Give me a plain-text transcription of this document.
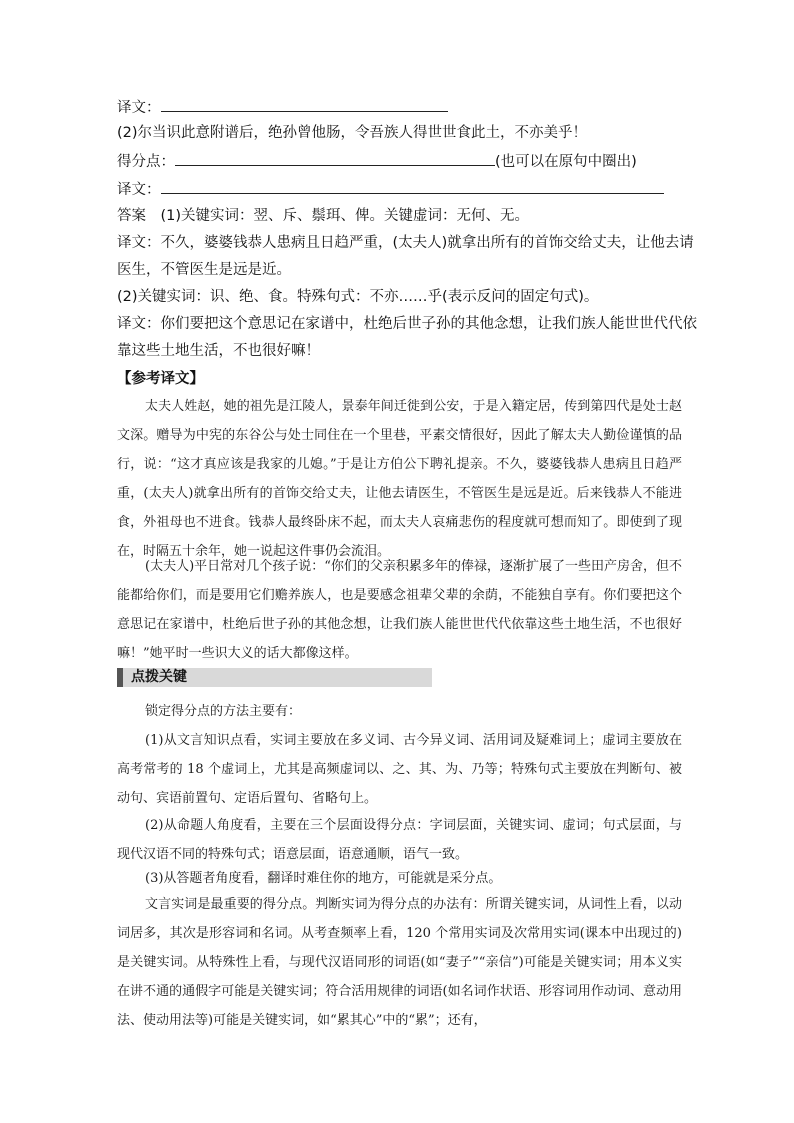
译文：
(2)尔当识此意附谱后，绝孙曾他肠，令吾族人得世世食此土，不亦美乎！
得分点：	(也可以在原句中圈出)
译文：
答案　(1)关键实词：翌、斥、鬃珥、俾。关键虚词：无何、无。
译文：不久，婆婆钱恭人患病且日趋严重，(太夫人)就拿出所有的首饰交给丈夫，让他去请
医生，不管医生是远是近。
(2)关键实词：识、绝、食。特殊句式：不亦……乎(表示反问的固定句式)。
译文：你们要把这个意思记在家谱中，杜绝后世子孙的其他念想，让我们族人能世世代代依
靠这些土地生活，不也很好嘛！
【参考译文】
太夫人姓赵，她的祖先是江陵人，景泰年间迁徙到公安，于是入籍定居，传到第四代是处士赵文深。赠导为中宪的东谷公与处士同住在一个里巷，平素交情很好，因此了解太夫人勤俭谨慎的品行，说：“这才真应该是我家的儿媳。”于是让方伯公下聘礼提亲。不久，婆婆钱恭人患病且日趋严重，(太夫人)就拿出所有的首饰交给丈夫，让他去请医生，不管医生是远是近。后来钱恭人不能进食，外祖母也不进食。钱恭人最终卧床不起，而太夫人哀痛悲伤的程度就可想而知了。即使到了现在，时隔五十余年，她一说起这件事仍会流泪。
(太夫人)平日常对几个孩子说：“你们的父亲积累多年的俸禄，逐渐扩展了一些田产房舍，但不能都给你们，而是要用它们赡养族人，也是要感念祖辈父辈的余荫，不能独自享有。你们要把这个意思记在家谱中，杜绝后世子孙的其他念想，让我们族人能世世代代依靠这些土地生活，不也很好嘛！”她平时一些识大义的话大都像这样。
点拨关键
锁定得分点的方法主要有：
(1)从文言知识点看，实词主要放在多义词、古今异义词、活用词及疑难词上；虚词主要放在高考常考的 18 个虚词上，尤其是高频虚词以、之、其、为、乃等；特殊句式主要放在判断句、被动句、宾语前置句、定语后置句、省略句上。
(2)从命题人角度看，主要在三个层面设得分点：字词层面，关键实词、虚词；句式层面，与现代汉语不同的特殊句式；语意层面，语意通顺，语气一致。
(3)从答题者角度看，翻译时难住你的地方，可能就是采分点。
文言实词是最重要的得分点。判断实词为得分点的办法有：所谓关键实词，从词性上看，以动词居多，其次是形容词和名词。从考查频率上看，120 个常用实词及次常用实词(课本中出现过的)是关键实词。从特殊性上看，与现代汉语同形的词语(如“妻子”“亲信”)可能是关键实词；用本义实在讲不通的通假字可能是关键实词；符合活用规律的词语(如名词作状语、形容词用作动词、意动用法、使动用法等)可能是关键实词，如“累其心”中的“累”；还有，
